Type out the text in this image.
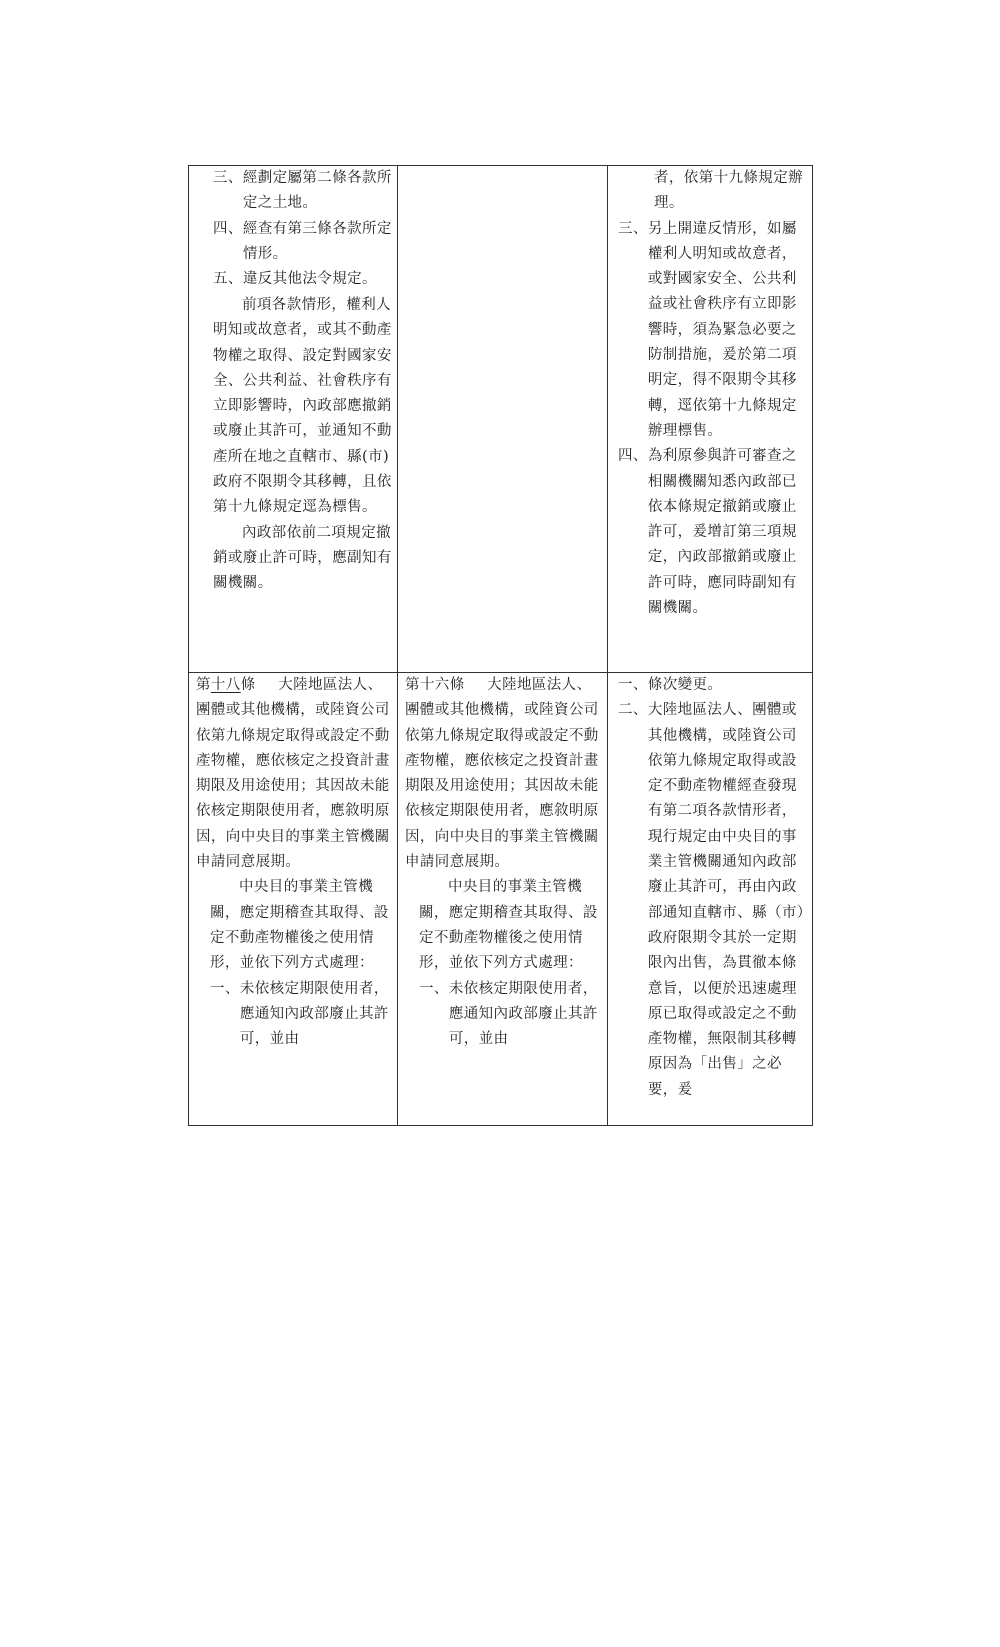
三、 經劃定屬第二條各款所定之土地。
四、 經查有第三條各款所定情形。
五、 違反其他法令規定。

前項各款情形，權利人明知或故意者，或其不動產物權之取得、設定對國家安全、公共利益、社會秩序有立即影響時，內政部應撤銷或廢止其許可，並通知不動產所在地之直轄市、縣(市)政府不限期令其移轉，且依第十九條規定逕為標售。

內政部依前二項規定撤銷或廢止許可時，應副知有關機關。

者，依第十九條規定辦理。

三、 另上開違反情形，如屬權利人明知或故意者，或對國家安全、公共利益或社會秩序有立即影響時，須為緊急必要之防制措施，爰於第二項明定，得不限期令其移轉，逕依第十九條規定辦理標售。
四、 為利原參與許可審查之相關機關知悉內政部已依本條規定撤銷或廢止許可，爰增訂第三項規定，內政部撤銷或廢止許可時，應同時副知有關機關。

第十八條   大陸地區法人、團體或其他機構，或陸資公司依第九條規定取得或設定不動產物權，應依核定之投資計畫期限及用途使用；其因故未能依核定期限使用者，應敘明原因，向中央目的事業主管機關申請同意展期。

中央目的事業主管機關，應定期稽查其取得、設定不動產物權後之使用情形，並依下列方式處理：

一、 未依核定期限使用者，應通知內政部廢止其許可，並由

第十六條   大陸地區法人、團體或其他機構，或陸資公司依第九條規定取得或設定不動產物權，應依核定之投資計畫期限及用途使用；其因故未能依核定期限使用者，應敘明原因，向中央目的事業主管機關申請同意展期。

中央目的事業主管機關，應定期稽查其取得、設定不動產物權後之使用情形，並依下列方式處理：

一、 未依核定期限使用者，應通知內政部廢止其許可，並由
一、 條次變更。
二、 大陸地區法人、團體或其他機構，或陸資公司依第九條規定取得或設定不動產物權經查發現有第二項各款情形者，現行規定由中央目的事業主管機關通知內政部廢止其許可，再由內政部通知直轄市、縣（市）政府限期令其於一定期限內出售，為貫徹本條意旨，以便於迅速處理原已取得或設定之不動產物權，無限制其移轉原因為「出售」之必要，爰
